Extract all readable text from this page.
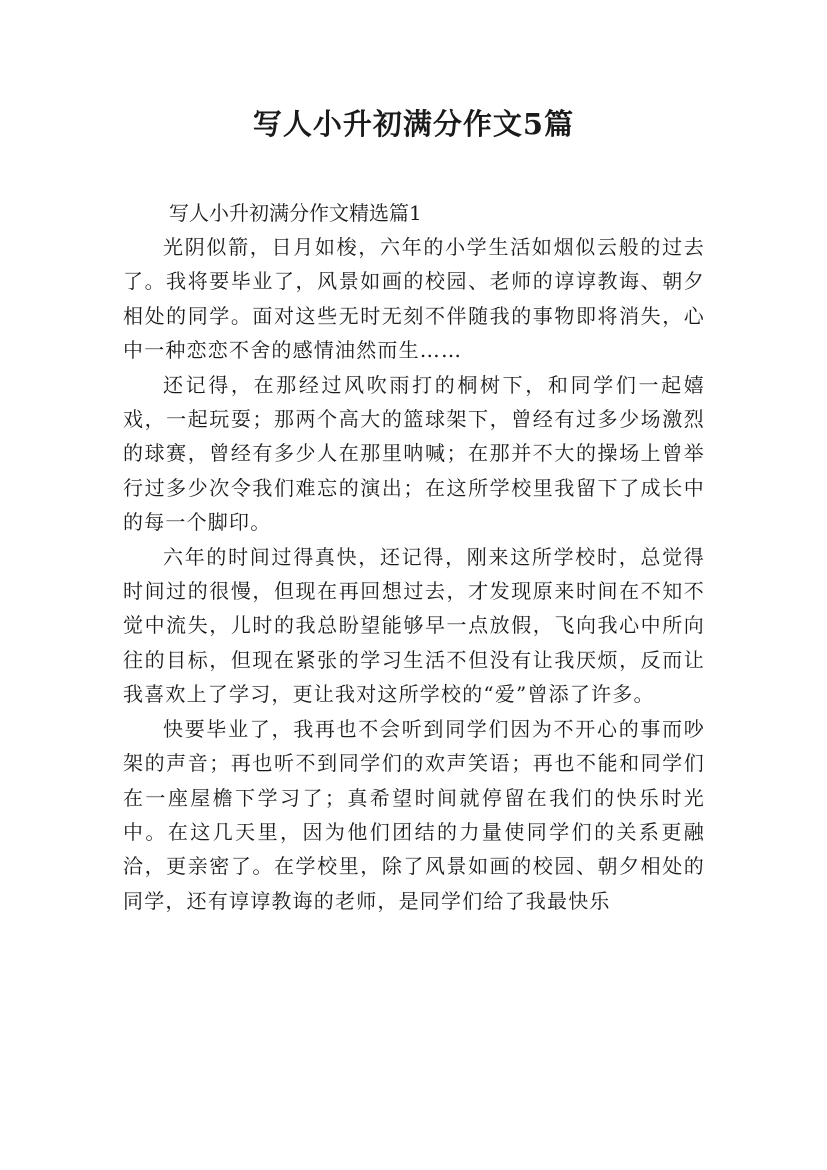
写人小升初满分作文5篇

写人小升初满分作文精选篇1

光阴似箭，日月如梭，六年的小学生活如烟似云般的过去了。我将要毕业了，风景如画的校园、老师的谆谆教诲、朝夕相处的同学。面对这些无时无刻不伴随我的事物即将消失，心中一种恋恋不舍的感情油然而生……

还记得，在那经过风吹雨打的桐树下，和同学们一起嬉戏，一起玩耍；那两个高大的篮球架下，曾经有过多少场激烈的球赛，曾经有多少人在那里呐喊；在那并不大的操场上曾举行过多少次令我们难忘的演出；在这所学校里我留下了成长中的每一个脚印。

六年的时间过得真快，还记得，刚来这所学校时，总觉得时间过的很慢，但现在再回想过去，才发现原来时间在不知不觉中流失，儿时的我总盼望能够早一点放假，飞向我心中所向往的目标，但现在紧张的学习生活不但没有让我厌烦，反而让我喜欢上了学习，更让我对这所学校的“爱”曾添了许多。

快要毕业了，我再也不会听到同学们因为不开心的事而吵架的声音；再也听不到同学们的欢声笑语；再也不能和同学们在一座屋檐下学习了；真希望时间就停留在我们的快乐时光中。在这几天里，因为他们团结的力量使同学们的关系更融洽，更亲密了。在学校里，除了风景如画的校园、朝夕相处的同学，还有谆谆教诲的老师，是同学们给了我最快乐
